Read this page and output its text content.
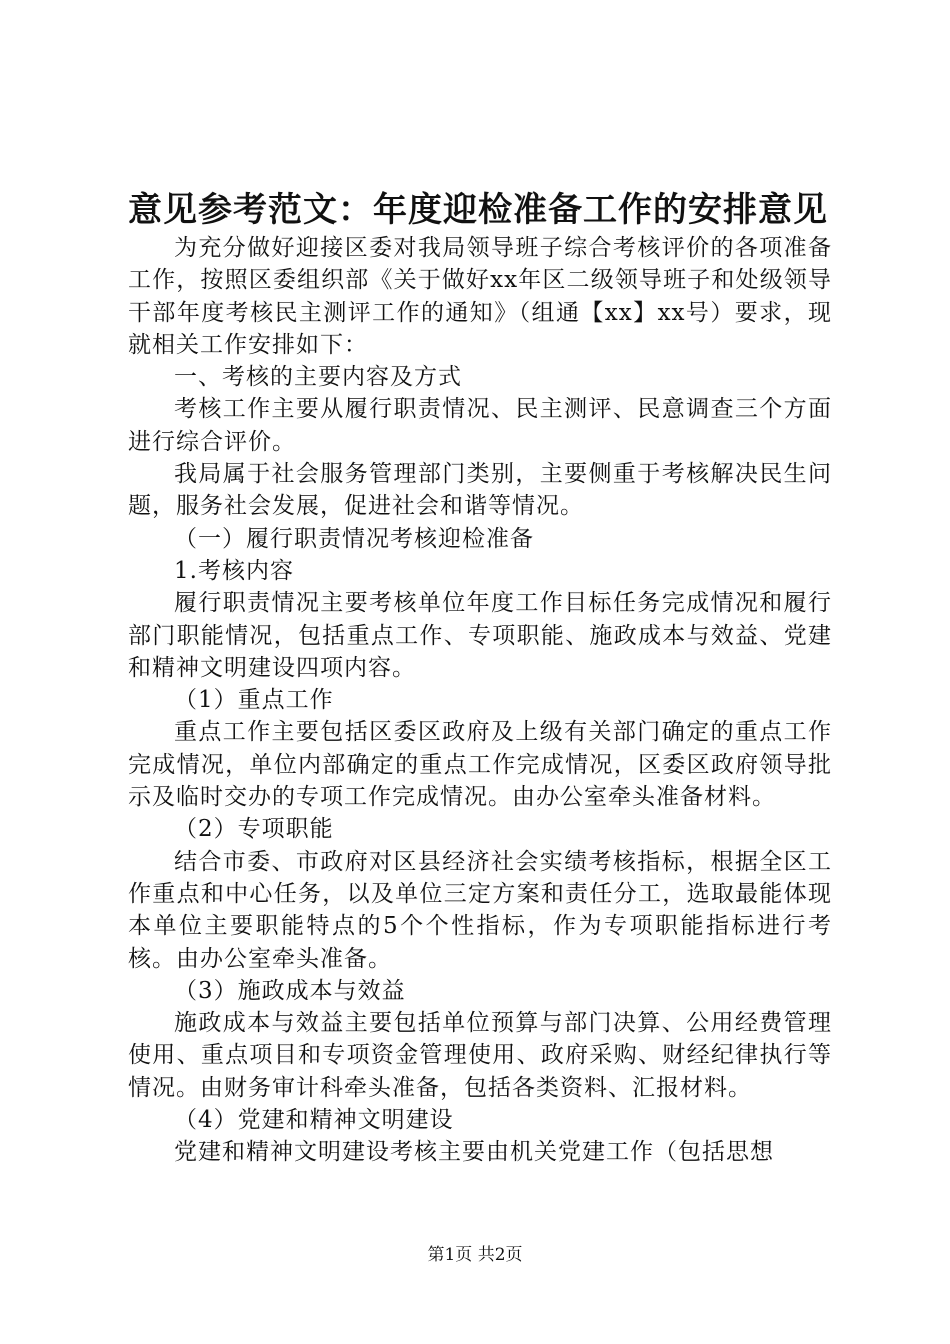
意见参考范文：年度迎检准备工作的安排意见

为充分做好迎接区委对我局领导班子综合考核评价的各项准备工作，按照区委组织部《关于做好xx年区二级领导班子和处级领导干部年度考核民主测评工作的通知》（组通【xx】xx号）要求，现就相关工作安排如下：

一、考核的主要内容及方式

考核工作主要从履行职责情况、民主测评、民意调查三个方面进行综合评价。

我局属于社会服务管理部门类别，主要侧重于考核解决民生问题，服务社会发展，促进社会和谐等情况。

（一）履行职责情况考核迎检准备

1.考核内容

履行职责情况主要考核单位年度工作目标任务完成情况和履行部门职能情况，包括重点工作、专项职能、施政成本与效益、党建和精神文明建设四项内容。

（1）重点工作

重点工作主要包括区委区政府及上级有关部门确定的重点工作完成情况，单位内部确定的重点工作完成情况，区委区政府领导批示及临时交办的专项工作完成情况。由办公室牵头准备材料。

（2）专项职能

结合市委、市政府对区县经济社会实绩考核指标，根据全区工作重点和中心任务，以及单位三定方案和责任分工，选取最能体现本单位主要职能特点的5个个性指标，作为专项职能指标进行考核。由办公室牵头准备。

（3）施政成本与效益

施政成本与效益主要包括单位预算与部门决算、公用经费管理使用、重点项目和专项资金管理使用、政府采购、财经纪律执行等情况。由财务审计科牵头准备，包括各类资料、汇报材料。

（4）党建和精神文明建设

党建和精神文明建设考核主要由机关党建工作（包括思想

第1页 共2页
